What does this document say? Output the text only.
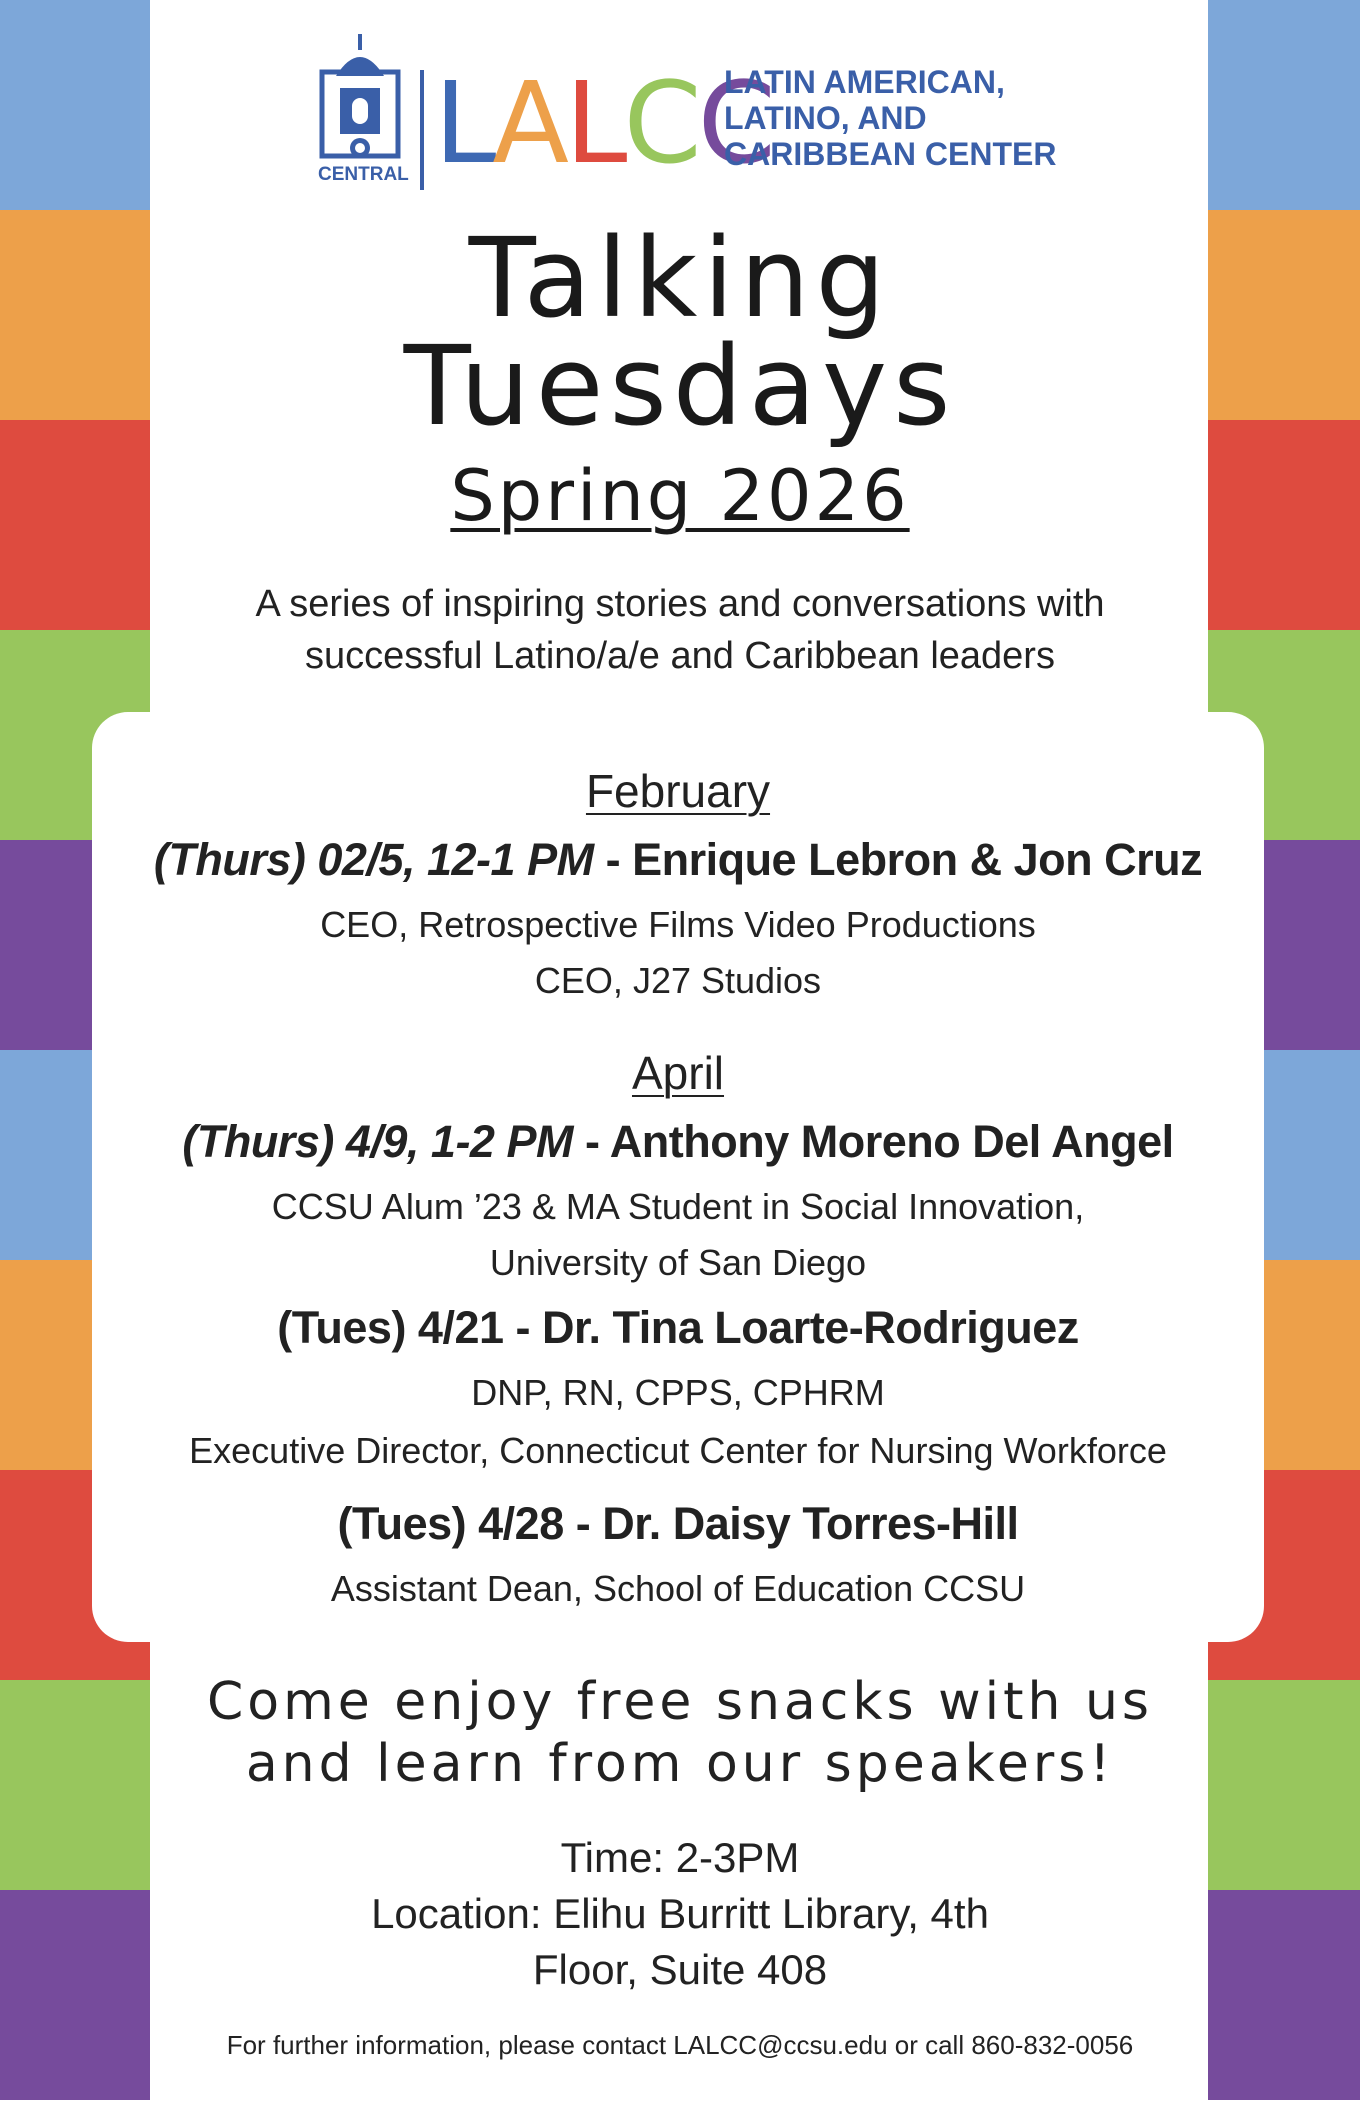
CENTRAL LALCC
LATIN AMERICAN,
LATINO, AND
CARIBBEAN CENTER
Talking
Tuesdays
Spring 2026
A series of inspiring stories and conversations with
successful Latino/a/e and Caribbean leaders
February
(Thurs) 02/5, 12-1 PM - Enrique Lebron & Jon Cruz
CEO, Retrospective Films Video Productions
CEO, J27 Studios
April
(Thurs) 4/9, 1-2 PM - Anthony Moreno Del Angel
CCSU Alum ’23 & MA Student in Social Innovation,
University of San Diego
(Tues) 4/21 - Dr. Tina Loarte-Rodriguez
DNP, RN, CPPS, CPHRM
Executive Director, Connecticut Center for Nursing Workforce
(Tues) 4/28 - Dr. Daisy Torres-Hill
Assistant Dean, School of Education CCSU
Come enjoy free snacks with us
and learn from our speakers!
Time: 2-3PM
Location: Elihu Burritt Library, 4th
Floor, Suite 408
For further information, please contact LALCC@ccsu.edu or call 860-832-0056
